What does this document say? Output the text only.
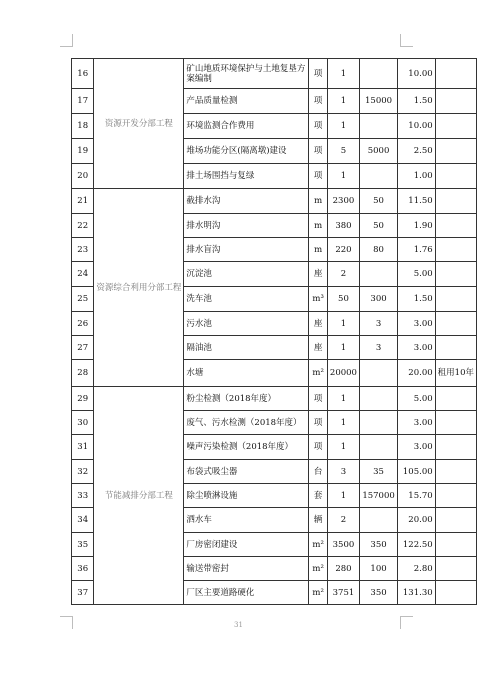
16	资源开发分部工程	矿山地质环境保护与土地复垦方案编制	项	1		10.00	
17		产品质量检测	项	1	15000	1.50	
18		环境监测合作费用	项	1		10.00	
19		堆场功能分区(隔离墩)建设	项	5	5000	2.50	
20		排土场围挡与复绿	项	1		1.00	
21	资源综合利用分部工程	截排水沟	m	2300	50	11.50	
22		排水明沟	m	380	50	1.90	
23		排水盲沟	m	220	80	1.76	
24		沉淀池	座	2		5.00	
25		洗车池	m³	50	300	1.50	
26		污水池	座	1	3	3.00	
27		隔油池	座	1	3	3.00	
28		水塘	m²	20000		20.00	租用10年
29	节能减排分部工程	粉尘检测（2018年度）	项	1		5.00	
30		废气、污水检测（2018年度）	项	1		3.00	
31		噪声污染检测（2018年度）	项	1		3.00	
32		布袋式吸尘器	台	3	35	105.00	
33		除尘喷淋设施	套	1	157000	15.70	
34		洒水车	辆	2		20.00	
35		厂房密闭建设	m²	3500	350	122.50	
36		输送带密封	m²	280	100	2.80	
37		厂区主要道路硬化	m²	3751	350	131.30	
31
